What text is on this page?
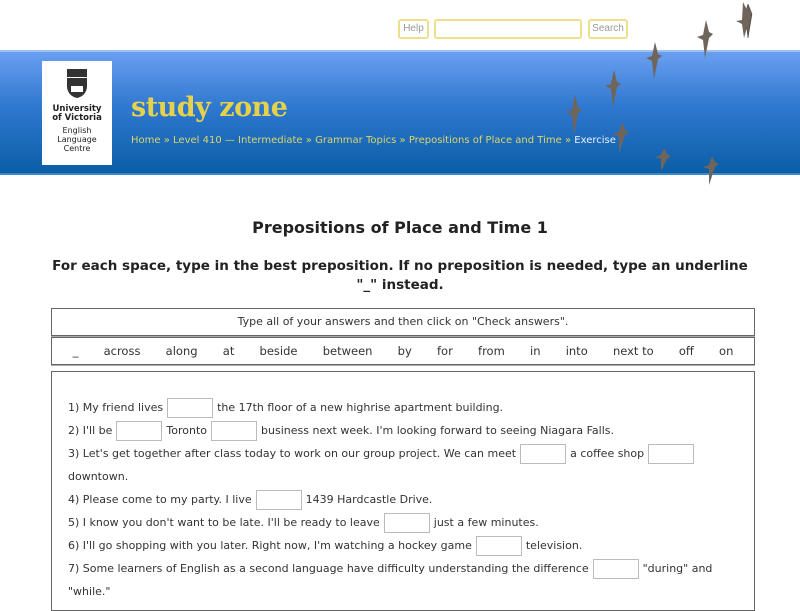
Help	Search
University
of Victoria
English
Language
Centre
study zone
Home » Level 410 — Intermediate » Grammar Topics » Prepositions of Place and Time » Exercise
Prepositions of Place and Time 1
For each space, type in the best preposition. If no preposition is needed, type an underline "_" instead.
Type all of your answers and then click on "Check answers".
_ across along at beside between by for from in into next to off on
1) My friend lives	the 17th floor of a new highrise apartment building.
2) I'll be	Toronto	business next week. I'm looking forward to seeing Niagara Falls.
3) Let's get together after class today to work on our group project. We can meet	a coffee shop
downtown.
4) Please come to my party. I live	1439 Hardcastle Drive.
5) I know you don't want to be late. I'll be ready to leave	just a few minutes.
6) I'll go shopping with you later. Right now, I'm watching a hockey game	television.
7) Some learners of English as a second language have difficulty understanding the difference	"during" and "while."
